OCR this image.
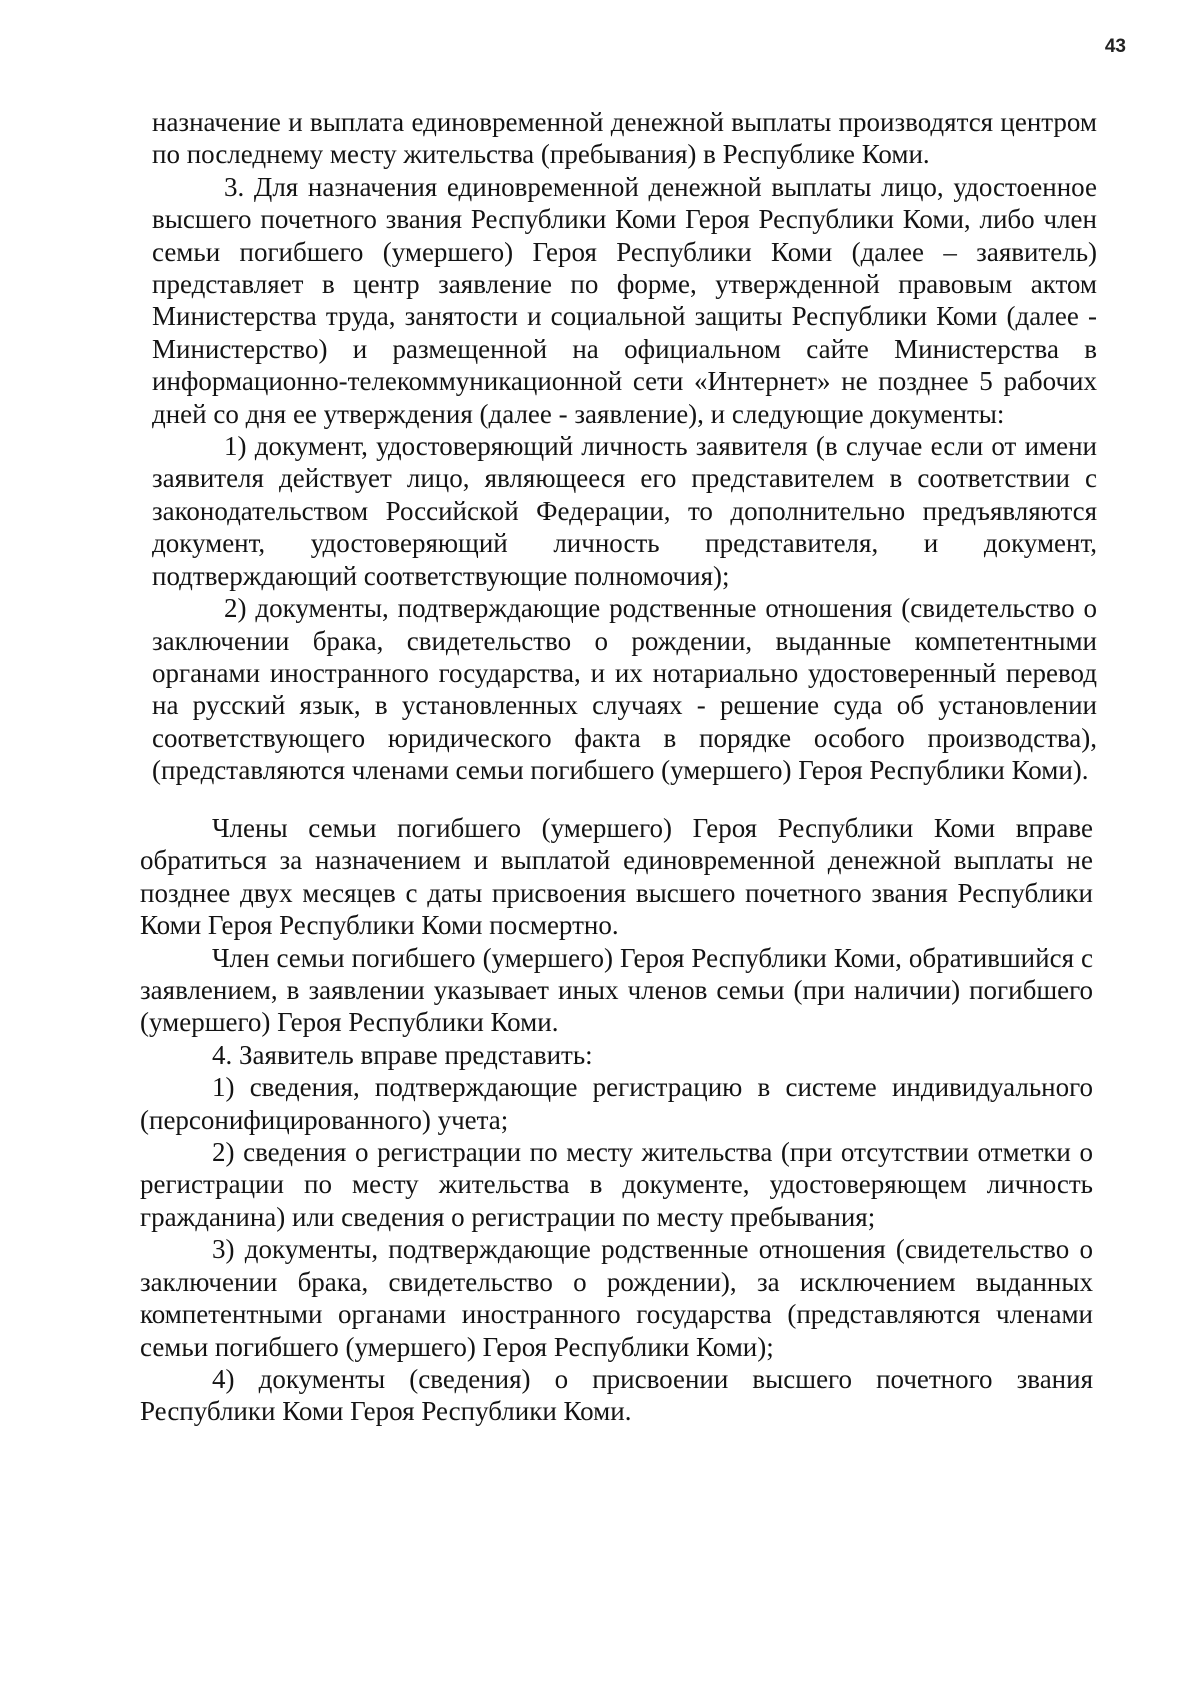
43

назначение и выплата единовременной денежной выплаты производятся центром по последнему месту жительства (пребывания) в Республике Коми.

3. Для назначения единовременной денежной выплаты лицо, удостоенное высшего почетного звания Республики Коми Героя Республики Коми, либо член семьи погибшего (умершего) Героя Республики Коми (далее – заявитель) представляет в центр заявление по форме, утвержденной правовым актом Министерства труда, занятости и социальной защиты Республики Коми (далее - Министерство) и размещенной на официальном сайте Министерства в информационно-телекоммуникационной сети «Интернет» не позднее 5 рабочих дней со дня ее утверждения (далее - заявление), и следующие документы:

1) документ, удостоверяющий личность заявителя (в случае если от имени заявителя действует лицо, являющееся его представителем в соответствии с законодательством Российской Федерации, то дополнительно предъявляются документ, удостоверяющий личность представителя, и документ, подтверждающий соответствующие полномочия);

2) документы, подтверждающие родственные отношения (свидетельство о заключении брака, свидетельство о рождении, выданные компетентными органами иностранного государства, и их нотариально удостоверенный перевод на русский язык, в установленных случаях - решение суда об установлении соответствующего юридического факта в порядке особого производства), (представляются членами семьи погибшего (умершего) Героя Республики Коми).

Члены семьи погибшего (умершего) Героя Республики Коми вправе обратиться за назначением и выплатой единовременной денежной выплаты не позднее двух месяцев с даты присвоения высшего почетного звания Республики Коми Героя Республики Коми посмертно.

Член семьи погибшего (умершего) Героя Республики Коми, обратившийся с заявлением, в заявлении указывает иных членов семьи (при наличии) погибшего (умершего) Героя Республики Коми.

4. Заявитель вправе представить:

1) сведения, подтверждающие регистрацию в системе индивидуального (персонифицированного) учета;

2) сведения о регистрации по месту жительства (при отсутствии отметки о регистрации по месту жительства в документе, удостоверяющем личность гражданина) или сведения о регистрации по месту пребывания;

3) документы, подтверждающие родственные отношения (свидетельство о заключении брака, свидетельство о рождении), за исключением выданных компетентными органами иностранного государства (представляются членами семьи погибшего (умершего) Героя Республики Коми);

4) документы (сведения) о присвоении высшего почетного звания Республики Коми Героя Республики Коми.
